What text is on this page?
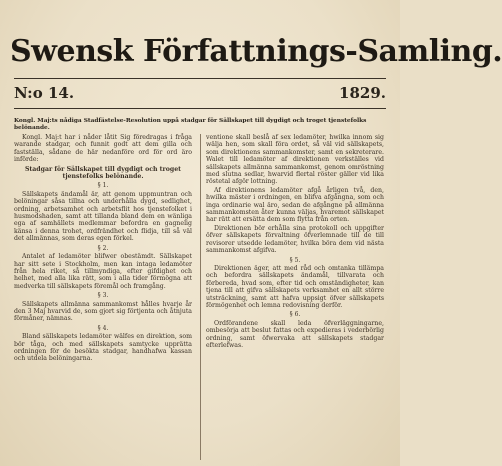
Swensk Författnings-Samling.
N:o 14.	1829.
Kongl. Maj:ts nådiga Stadfästelse-Resolution uppå stadgar för Sällskapet till dygdigt och troget tjenstefolks belönande.

Kongl. Maj:t har i nåder låtit Sig föredragas i fråga warande stadgar, och funnit godt att dem gilla och fastställa, sådane de här nedanföre ord för ord äro införde:

Stadgar för Sällskapet till dygdigt och troget tjenstefolks belönande.

§ 1.

Sällskapets ändamål är, att genom uppmuntran och belöningar såsa tillna och underhålla dygd, sedlighet, ordning, arbetsamhet och arbetsflit hos tjenstefolket i husmodshaden, samt att tillanda bland dem en wänliga ega af samhällets medlemmar befordra en gagnelig känsa i denna trohet, ordfrändhet och flidja, till så väl det allmännas, som deras egen förkel.

§ 2.

Antalet af ledamöter blifwer obestämdt. Sällskapet har sitt sete i Stockholm, men kan intaga ledamöter från hela riket, så tillmyndiga, efter gifdighet och helhet, med alla lika rätt, som i alla tider förmögna att medverka till sällskapets föremål och framgång.

§ 3.

Sällskapets allmänna sammankomst hålles hvarje år den 3 Maj hvarvid de, som gjort sig förtjenta och åtnjuta förmåner, nämnas.

§ 4.

Bland sällskapets ledamöter wälfes en direktion, som bör tåga, och med sällskapets samtycke upprätta ordningen för de besökta stadgar, handhafwa kassan och utdela belöningarna.

ventione skall beslå af sex ledamöter, hwilka innom sig wälja hen, som skall föra ordet, så väl vid sällskapets, som direktionens sammankomster, samt en sekreterare. Walet till ledamöter af direktionen verkställes vid sällskapets allmänna sammankomst, genom omröstning med slutna sedlar, hwarvid flertal röster gäller vid lika röstetal afgör lottning.

Af direktionens ledamöter afgå årligen två, den, hwilka mäster i ordningen, en blifva afgångna, som och inga ordinarie wal äro, sedan de afgångne på allmänna sammankomsten åter kunna väljas, hvaremot sällskapet har rätt att ersätta dem som flytta från orten.

Direktionen bör erhålla sina protokoll och uppgifter öfver sällskapets förvaltning öfverlemnade till de till revisorer utsedde ledamöter, hvilka böra dem vid nästa sammankomst afgifva.

§ 5.

Direktionen äger, att med råd och omtanka tillämpa och befordra sällskapets ändamål, tillvarata och förbereda, hvad som, efter tid och omständigheter, kan tjena till att gifva sällskapets verksamhet en allt större utsträckning, samt att hafva uppsigt öfver sällskapets förmögenhet och lemna redovisning derför.

§ 6.

Ordförandene skall leda öfverläggningarne, ombesörja att beslut fattas och expedieras i vederbörlig ordning, samt öfwervaka att sällskapets stadgar efterlefwas.
